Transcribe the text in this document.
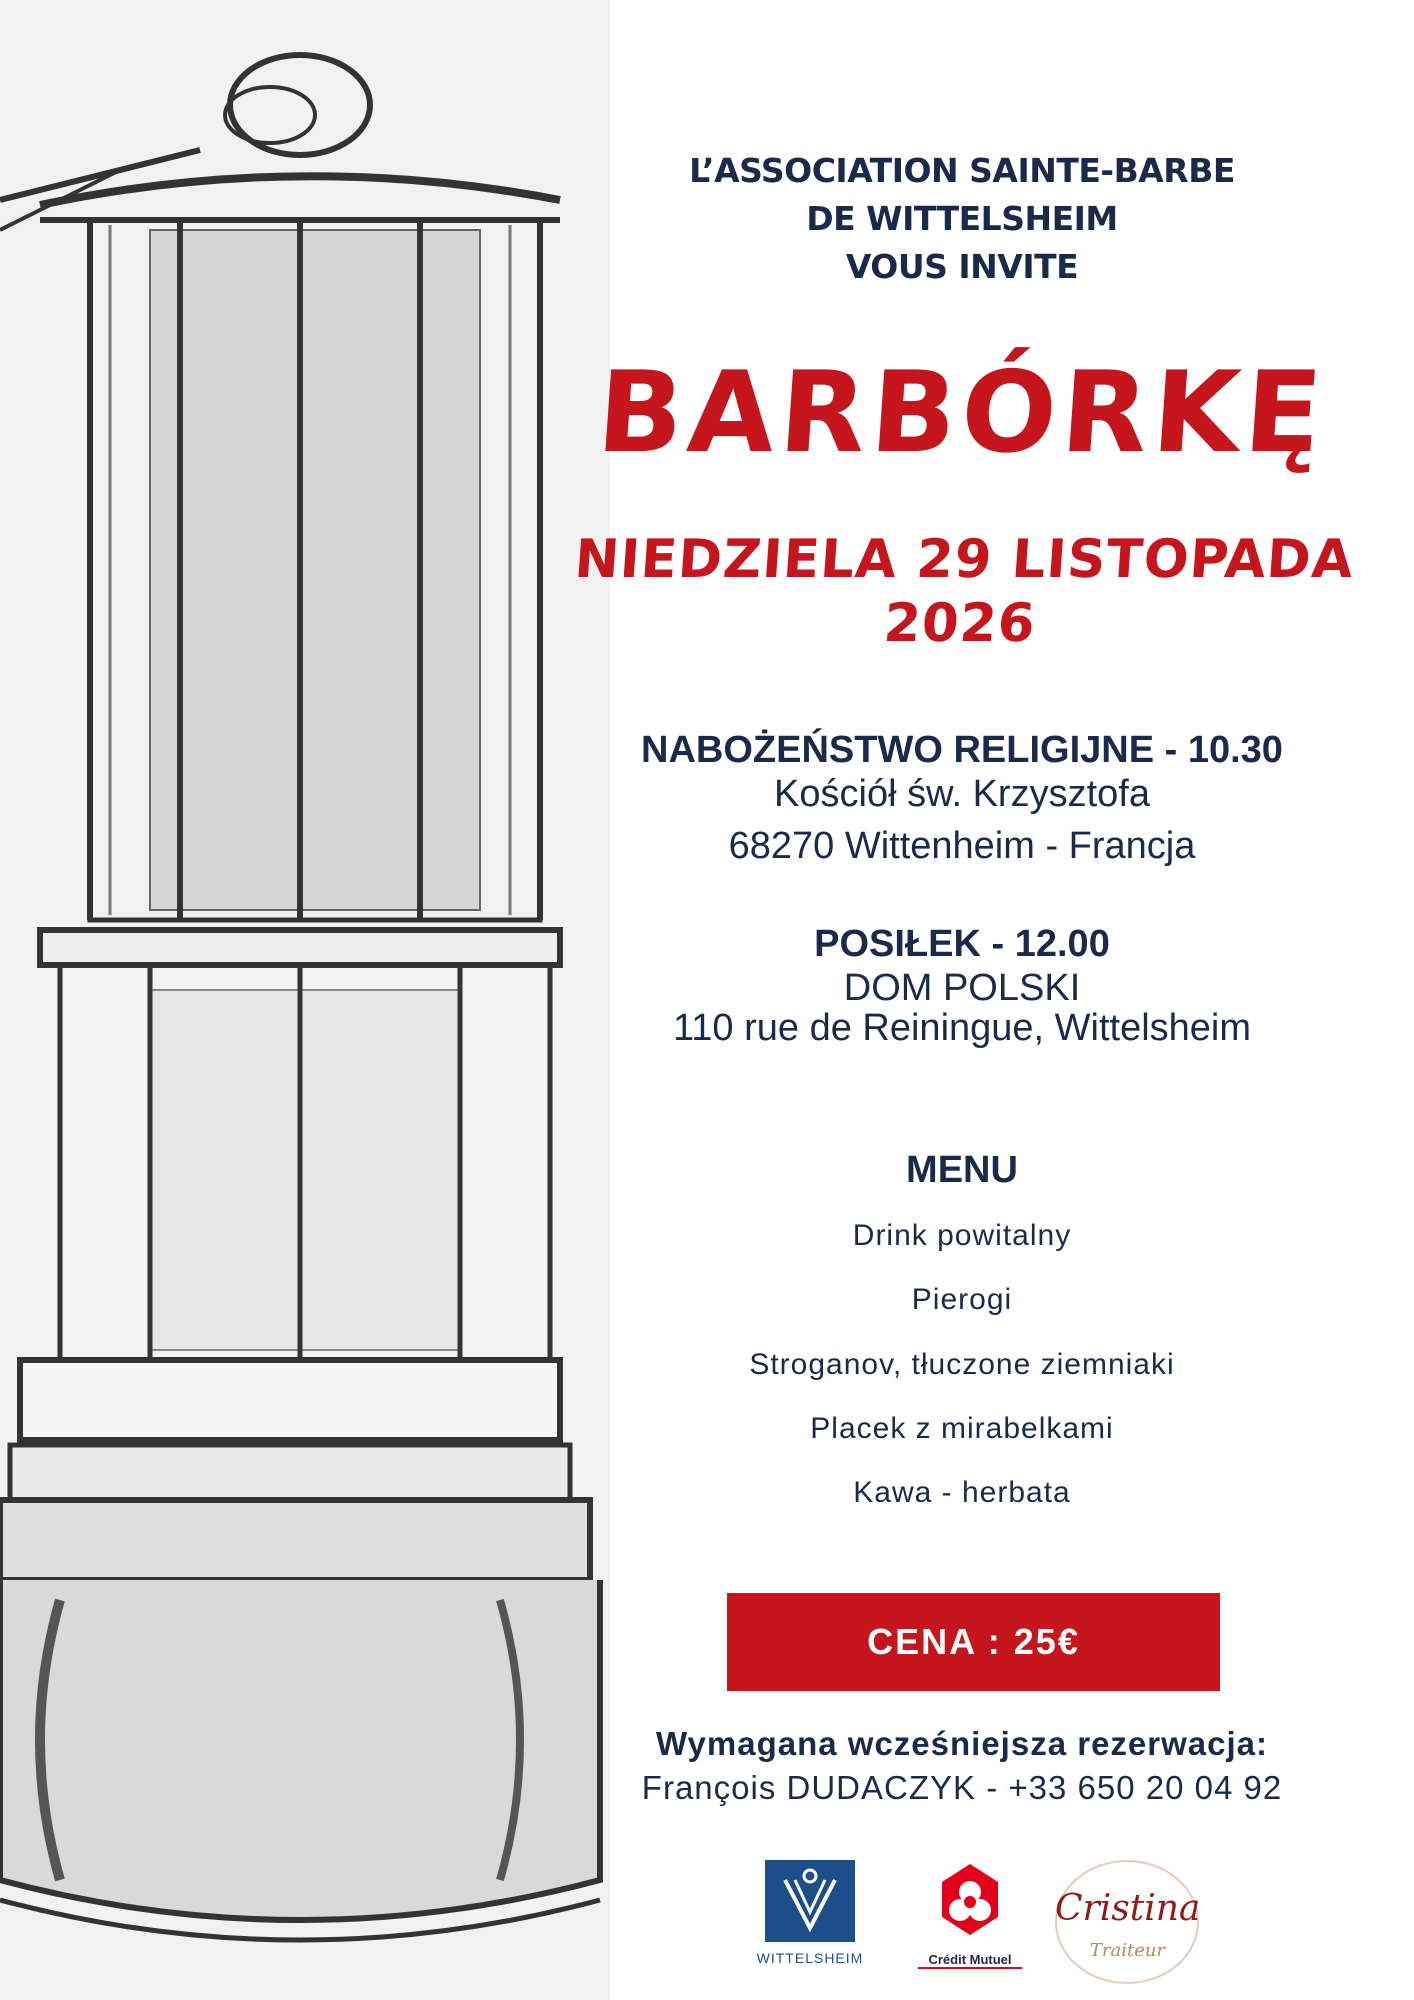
L’ASSOCIATION SAINTE-BARBE
DE WITTELSHEIM
VOUS INVITE
BARBÓRKĘ
NIEDZIELA 29 LISTOPADA 2026
NABOŻEŃSTWO RELIGIJNE - 10.30
Kościół św. Krzysztofa
68270 Wittenheim - Francja
POSIŁEK - 12.00
DOM POLSKI
110 rue de Reiningue, Wittelsheim
MENU
Drink powitalny
Pierogi
Stroganov, tłuczone ziemniaki
Placek z mirabelkami
Kawa - herbata
CENA : 25€
Wymagana wcześniejsza rezerwacja:
François DUDACZYK - +33 650 20 04 92
WITTELSHEIM	Crédit Mutuel
Cristina
Traiteur
